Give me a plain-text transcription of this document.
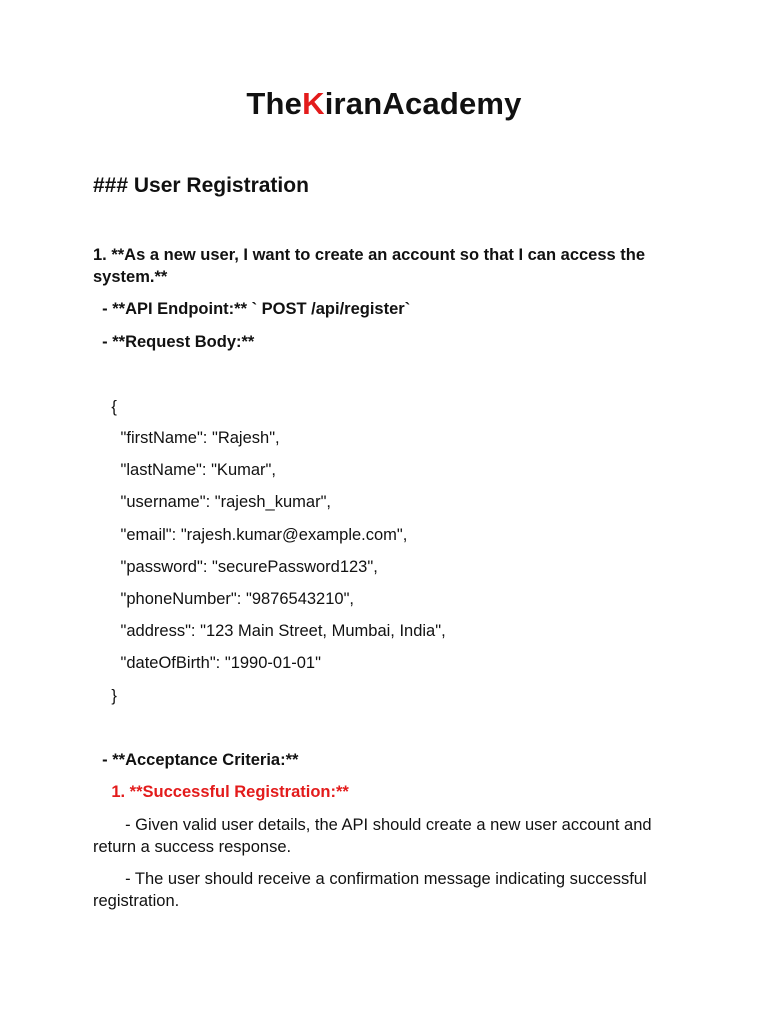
TheKiranAcademy
### User Registration
1. **As a new user, I want to create an account so that I can access the system.**
- **API Endpoint:** ` POST /api/register`
- **Request Body:**
{
"firstName": "Rajesh",
"lastName": "Kumar",
"username": "rajesh_kumar",
"email": "rajesh.kumar@example.com",
"password": "securePassword123",
"phoneNumber": "9876543210",
"address": "123 Main Street, Mumbai, India",
"dateOfBirth": "1990-01-01"
}
- **Acceptance Criteria:**
1. **Successful Registration:**
- Given valid user details, the API should create a new user account and return a success response.
- The user should receive a confirmation message indicating successful registration.
